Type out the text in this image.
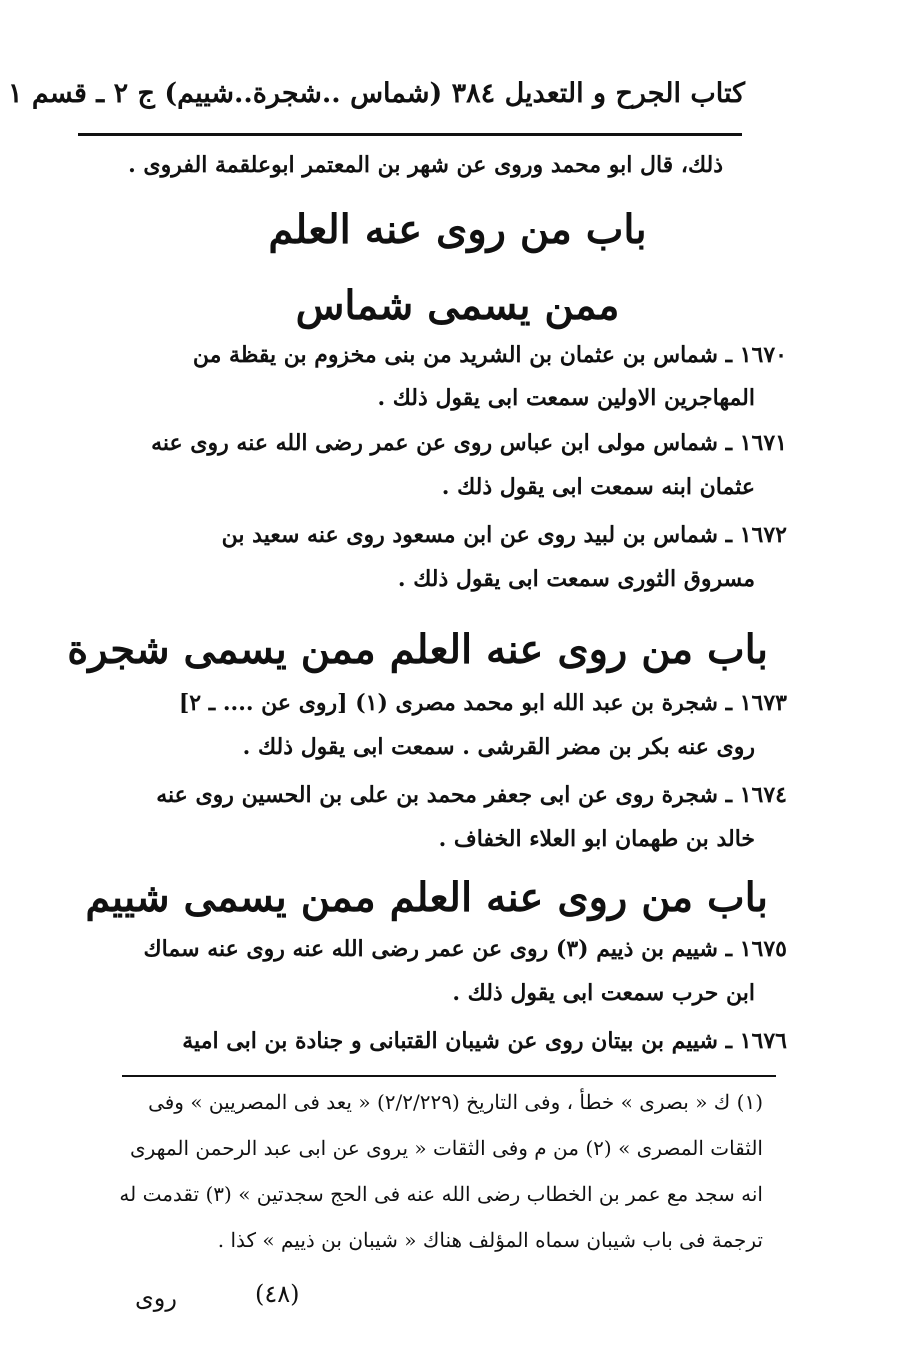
كتاب الجرح و التعديل ٣٨٤ (شماس ..شجرة..شييم) ج ٢ ـ قسم ١
ذلك، قال ابو محمد وروى عن شهر بن المعتمر ابوعلقمة الفروى .
باب من روى عنه العلم
ممن يسمى شماس
١٦٧٠ ـ شماس بن عثمان بن الشريد من بنى مخزوم بن يقظة من
المهاجرين الاولين سمعت ابى يقول ذلك .
١٦٧١ ـ شماس مولى ابن عباس روى عن عمر رضى الله عنه روى عنه
عثمان ابنه سمعت ابى يقول ذلك .
١٦٧٢ ـ شماس بن لبيد روى عن ابن مسعود روى عنه سعيد بن
مسروق الثورى سمعت ابى يقول ذلك .
باب من روى عنه العلم ممن يسمى شجرة
١٦٧٣ ـ شجرة بن عبد الله ابو محمد مصرى (١) [روى عن .... ـ ٢]
روى عنه بكر بن مضر القرشى . سمعت ابى يقول ذلك .
١٦٧٤ ـ شجرة روى عن ابى جعفر محمد بن على بن الحسين روى عنه
خالد بن طهمان ابو العلاء الخفاف .
باب من روى عنه العلم ممن يسمى شييم
١٦٧٥ ـ شييم بن ذييم (٣) روى عن عمر رضى الله عنه روى عنه سماك
ابن حرب سمعت ابى يقول ذلك .
١٦٧٦ ـ شييم بن بيتان روى عن شيبان القتبانى و جنادة بن ابى امية
(١) ك « بصرى » خطأ ، وفى التاريخ (٢/٢/٢٢٩) « يعد فى المصريين » وفى
الثقات المصرى » (٢) من م وفى الثقات « يروى عن ابى عبد الرحمن المهرى
انه سجد مع عمر بن الخطاب رضى الله عنه فى الحج سجدتين » (٣) تقدمت له
ترجمة فى باب شيبان سماه المؤلف هناك « شيبان بن ذييم » كذا .
(٤٨)
روى
